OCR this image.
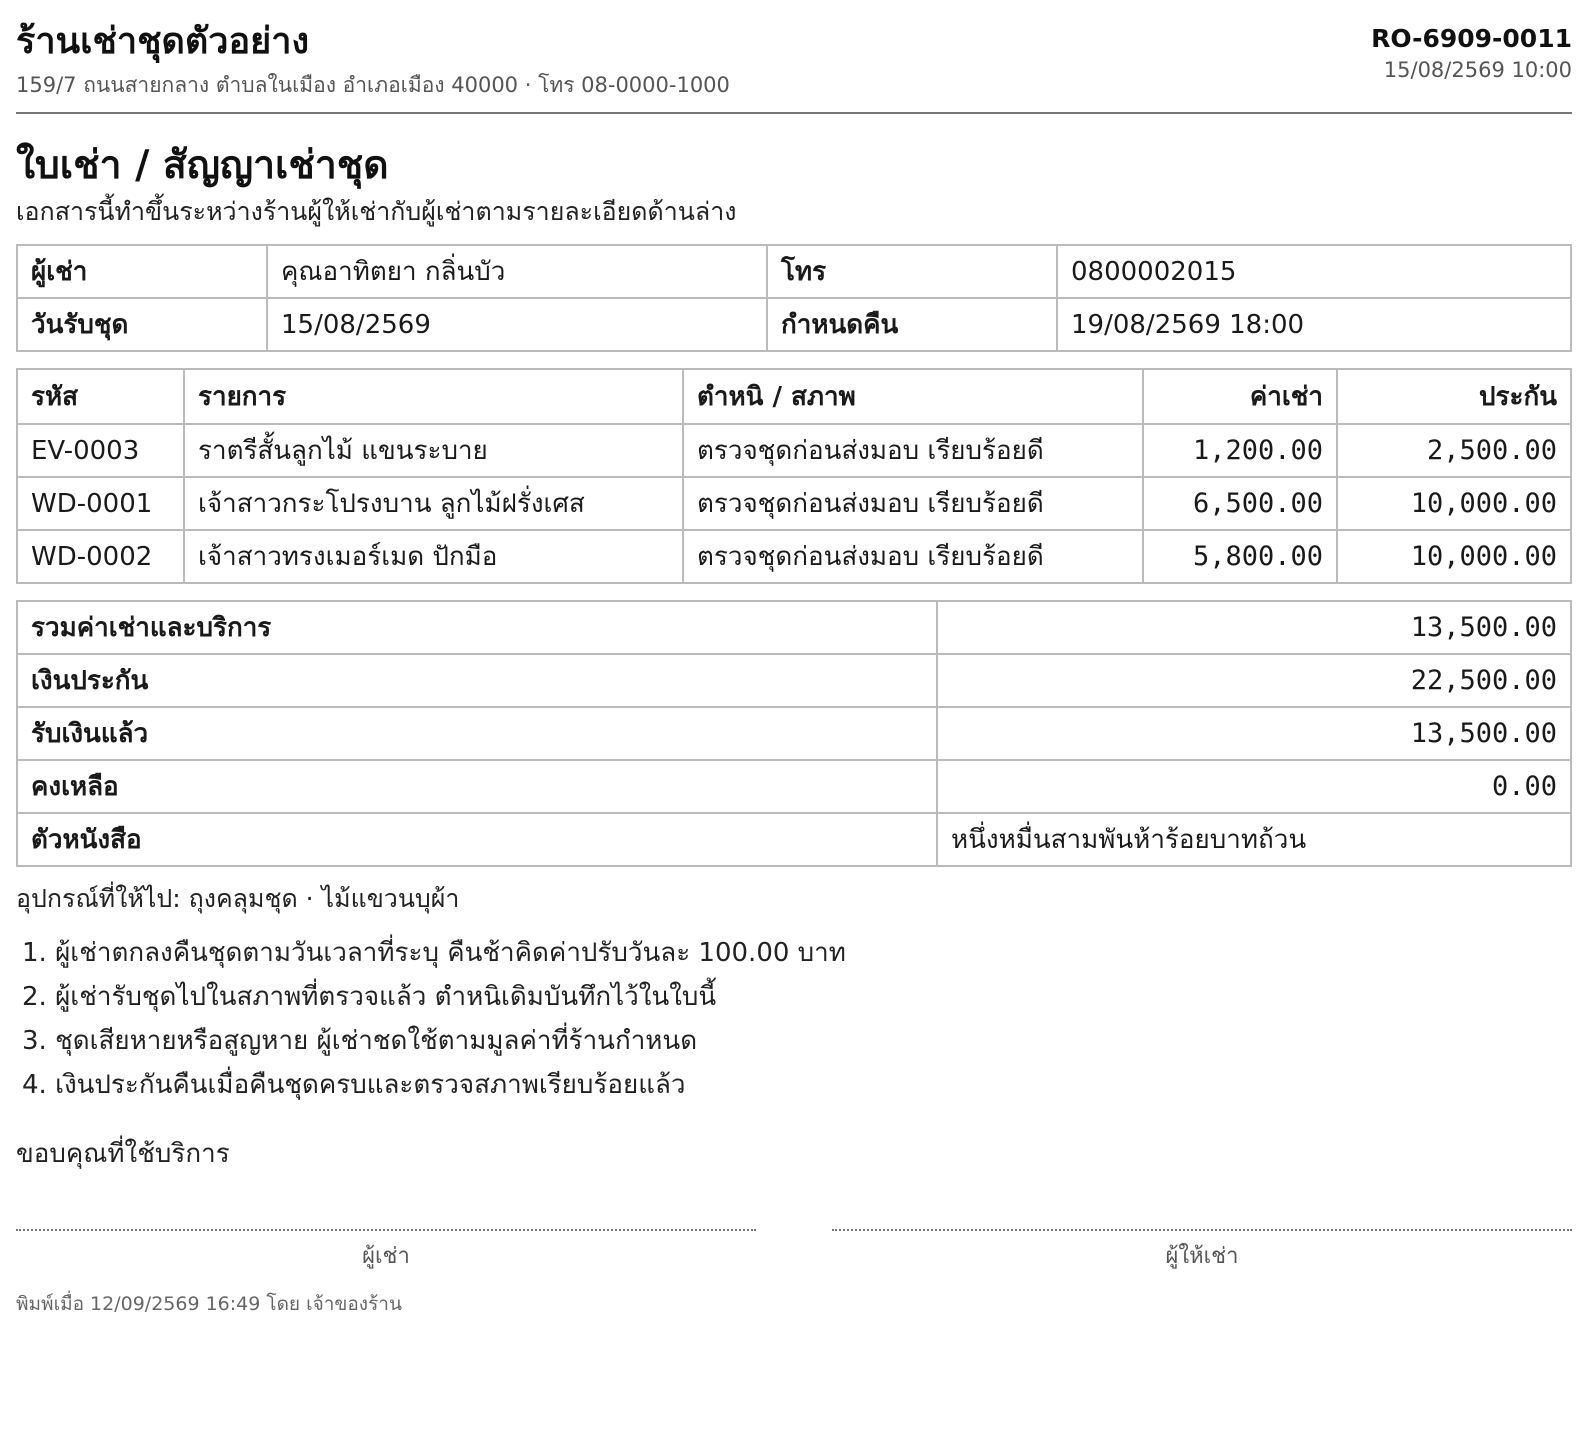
ร้านเช่าชุดตัวอย่าง
159/7 ถนนสายกลาง ตำบลในเมือง อำเภอเมือง 40000 · โทร 08-0000-1000
RO-6909-0011
15/08/2569 10:00
ใบเช่า / สัญญาเช่าชุด
เอกสารนี้ทำขึ้นระหว่างร้านผู้ให้เช่ากับผู้เช่าตามรายละเอียดด้านล่าง
ผู้เช่า	คุณอาทิตยา กลิ่นบัว	โทร	0800002015
วันรับชุด	15/08/2569	กำหนดคืน	19/08/2569 18:00
รหัส	รายการ	ตำหนิ / สภาพ	ค่าเช่า	ประกัน
EV-0003	ราตรีสั้นลูกไม้ แขนระบาย	ตรวจชุดก่อนส่งมอบ เรียบร้อยดี	1,200.00	2,500.00
WD-0001	เจ้าสาวกระโปรงบาน ลูกไม้ฝรั่งเศส	ตรวจชุดก่อนส่งมอบ เรียบร้อยดี	6,500.00	10,000.00
WD-0002	เจ้าสาวทรงเมอร์เมด ปักมือ	ตรวจชุดก่อนส่งมอบ เรียบร้อยดี	5,800.00	10,000.00
รวมค่าเช่าและบริการ	13,500.00
เงินประกัน	22,500.00
รับเงินแล้ว	13,500.00
คงเหลือ	0.00
ตัวหนังสือ	หนึ่งหมื่นสามพันห้าร้อยบาทถ้วน
อุปกรณ์ที่ให้ไป: ถุงคลุมชุด · ไม้แขวนบุผ้า
1. ผู้เช่าตกลงคืนชุดตามวันเวลาที่ระบุ คืนช้าคิดค่าปรับวันละ 100.00 บาท
2. ผู้เช่ารับชุดไปในสภาพที่ตรวจแล้ว ตำหนิเดิมบันทึกไว้ในใบนี้
3. ชุดเสียหายหรือสูญหาย ผู้เช่าชดใช้ตามมูลค่าที่ร้านกำหนด
4. เงินประกันคืนเมื่อคืนชุดครบและตรวจสภาพเรียบร้อยแล้ว
ขอบคุณที่ใช้บริการ
ผู้เช่า	ผู้ให้เช่า
พิมพ์เมื่อ 12/09/2569 16:49 โดย เจ้าของร้าน
